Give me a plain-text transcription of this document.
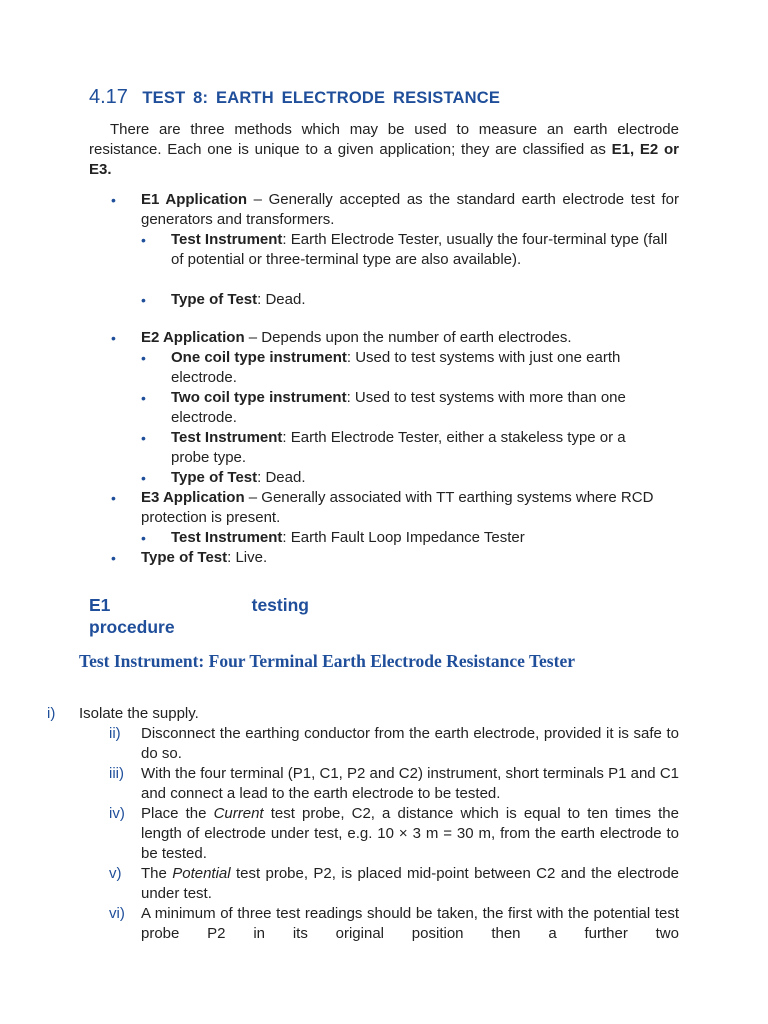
4.17 TEST 8: EARTH ELECTRODE RESISTANCE
There are three methods which may be used to measure an earth electrode resistance. Each one is unique to a given application; they are classified as E1, E2 or E3.
• E1 Application – Generally accepted as the standard earth electrode test for generators and transformers.
• Test Instrument: Earth Electrode Tester, usually the four-terminal type (fall of potential or three-terminal type are also available).
• Type of Test: Dead.
• E2 Application – Depends upon the number of earth electrodes.
• One coil type instrument: Used to test systems with just one earth electrode.
• Two coil type instrument: Used to test systems with more than one electrode.
• Test Instrument: Earth Electrode Tester, either a stakeless type or a probe type.
• Type of Test: Dead.
• E3 Application – Generally associated with TT earthing systems where RCD protection is present.
• Test Instrument: Earth Fault Loop Impedance Tester
• Type of Test: Live.
E1	testing
procedure
Test Instrument: Four Terminal Earth Electrode Resistance Tester
i) Isolate the supply.
ii) Disconnect the earthing conductor from the earth electrode, provided it is safe to do so.
iii) With the four terminal (P1, C1, P2 and C2) instrument, short terminals P1 and C1 and connect a lead to the earth electrode to be tested.
iv) Place the Current test probe, C2, a distance which is equal to ten times the length of electrode under test, e.g. 10 × 3 m = 30 m, from the earth electrode to be tested.
v) The Potential test probe, P2, is placed mid-point between C2 and the electrode under test.
vi) A minimum of three test readings should be taken, the first with the potential test probe P2 in its original position then a further two
